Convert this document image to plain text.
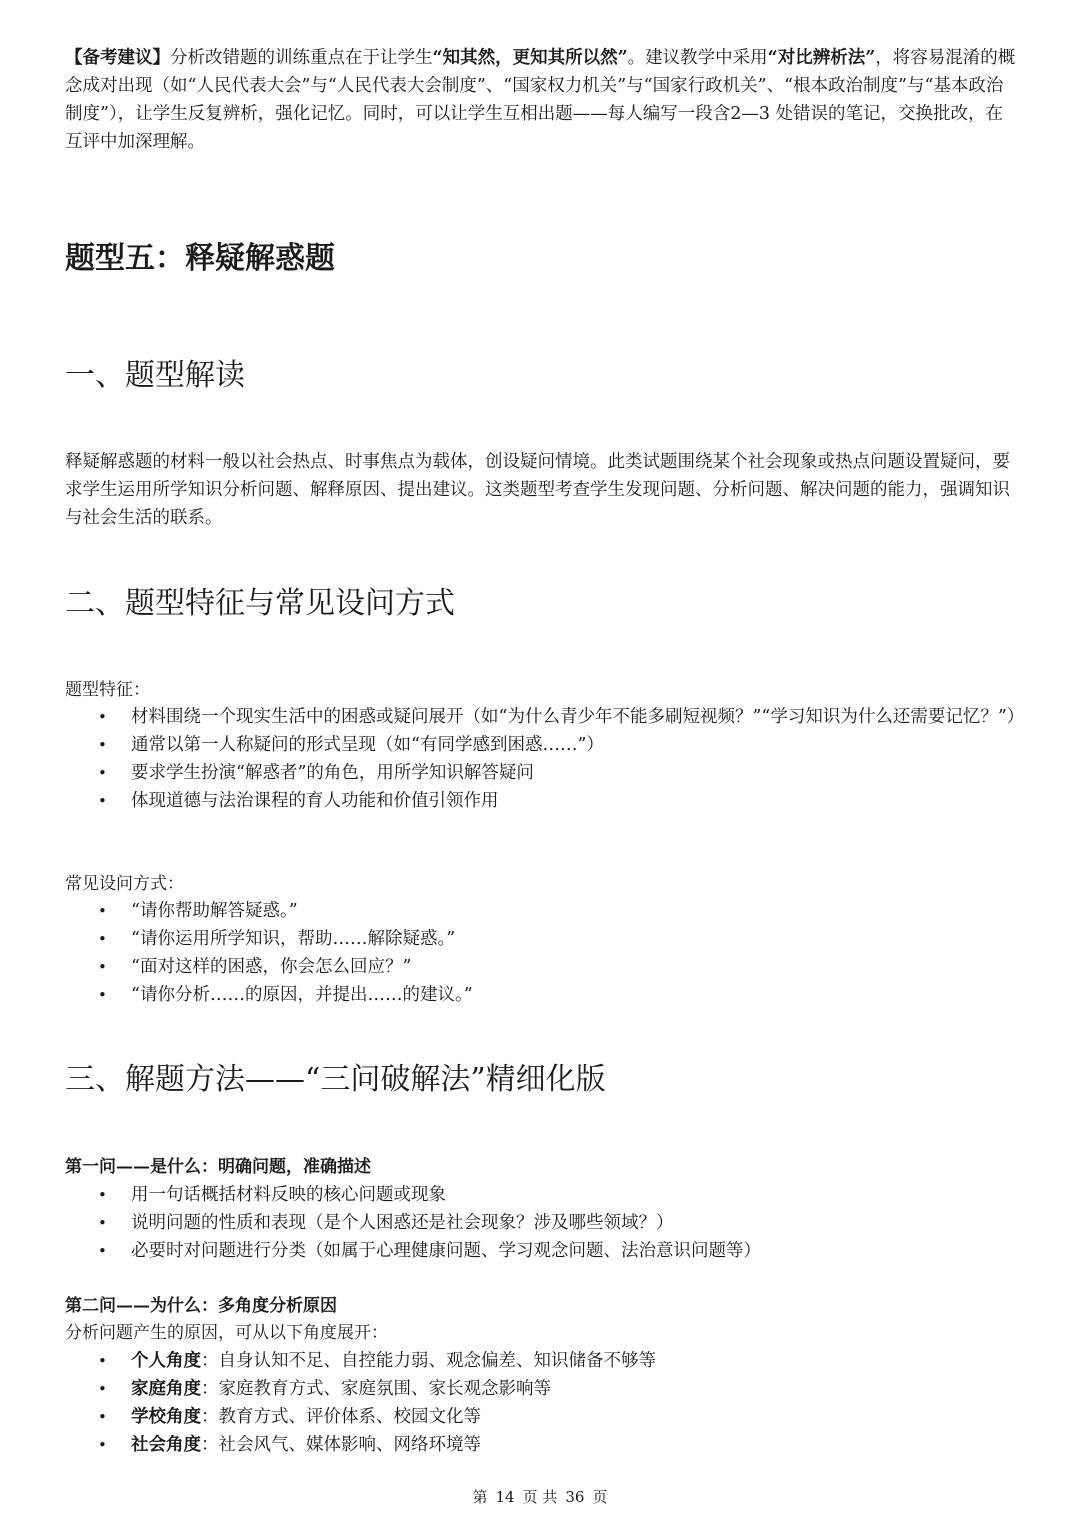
【备考建议】分析改错题的训练重点在于让学生“知其然，更知其所以然”。建议教学中采用“对比辨析法”，将容易混淆的概念成对出现（如“人民代表大会”与“人民代表大会制度”、“国家权力机关”与“国家行政机关”、“根本政治制度”与“基本政治制度”），让学生反复辨析，强化记忆。同时，可以让学生互相出题——每人编写一段含2—3 处错误的笔记，交换批改，在互评中加深理解。

题型五：释疑解惑题
一、题型解读

释疑解惑题的材料一般以社会热点、时事焦点为载体，创设疑问情境。此类试题围绕某个社会现象或热点问题设置疑问，要求学生运用所学知识分析问题、解释原因、提出建议。这类题型考查学生发现问题、分析问题、解决问题的能力，强调知识与社会生活的联系。

二、题型特征与常见设问方式

题型特征：

• 材料围绕一个现实生活中的困惑或疑问展开（如“为什么青少年不能多刷短视频？”“学习知识为什么还需要记忆？”）
• 通常以第一人称疑问的形式呈现（如“有同学感到困惑……”）
• 要求学生扮演“解惑者”的角色，用所学知识解答疑问
• 体现道德与法治课程的育人功能和价值引领作用

常见设问方式：

• “请你帮助解答疑惑。”
• “请你运用所学知识，帮助……解除疑惑。”
• “面对这样的困惑，你会怎么回应？”
• “请你分析……的原因，并提出……的建议。”
三、解题方法——“三问破解法”精细化版

第一问——是什么：明确问题，准确描述

• 用一句话概括材料反映的核心问题或现象
• 说明问题的性质和表现（是个人困惑还是社会现象？涉及哪些领域？）
• 必要时对问题进行分类（如属于心理健康问题、学习观念问题、法治意识问题等）

第二问——为什么：多角度分析原因

分析问题产生的原因，可从以下角度展开：

• 个人角度：自身认知不足、自控能力弱、观念偏差、知识储备不够等
• 家庭角度：家庭教育方式、家庭氛围、家长观念影响等
• 学校角度：教育方式、评价体系、校园文化等
• 社会角度：社会风气、媒体影响、网络环境等
第 14 页 共 36 页
